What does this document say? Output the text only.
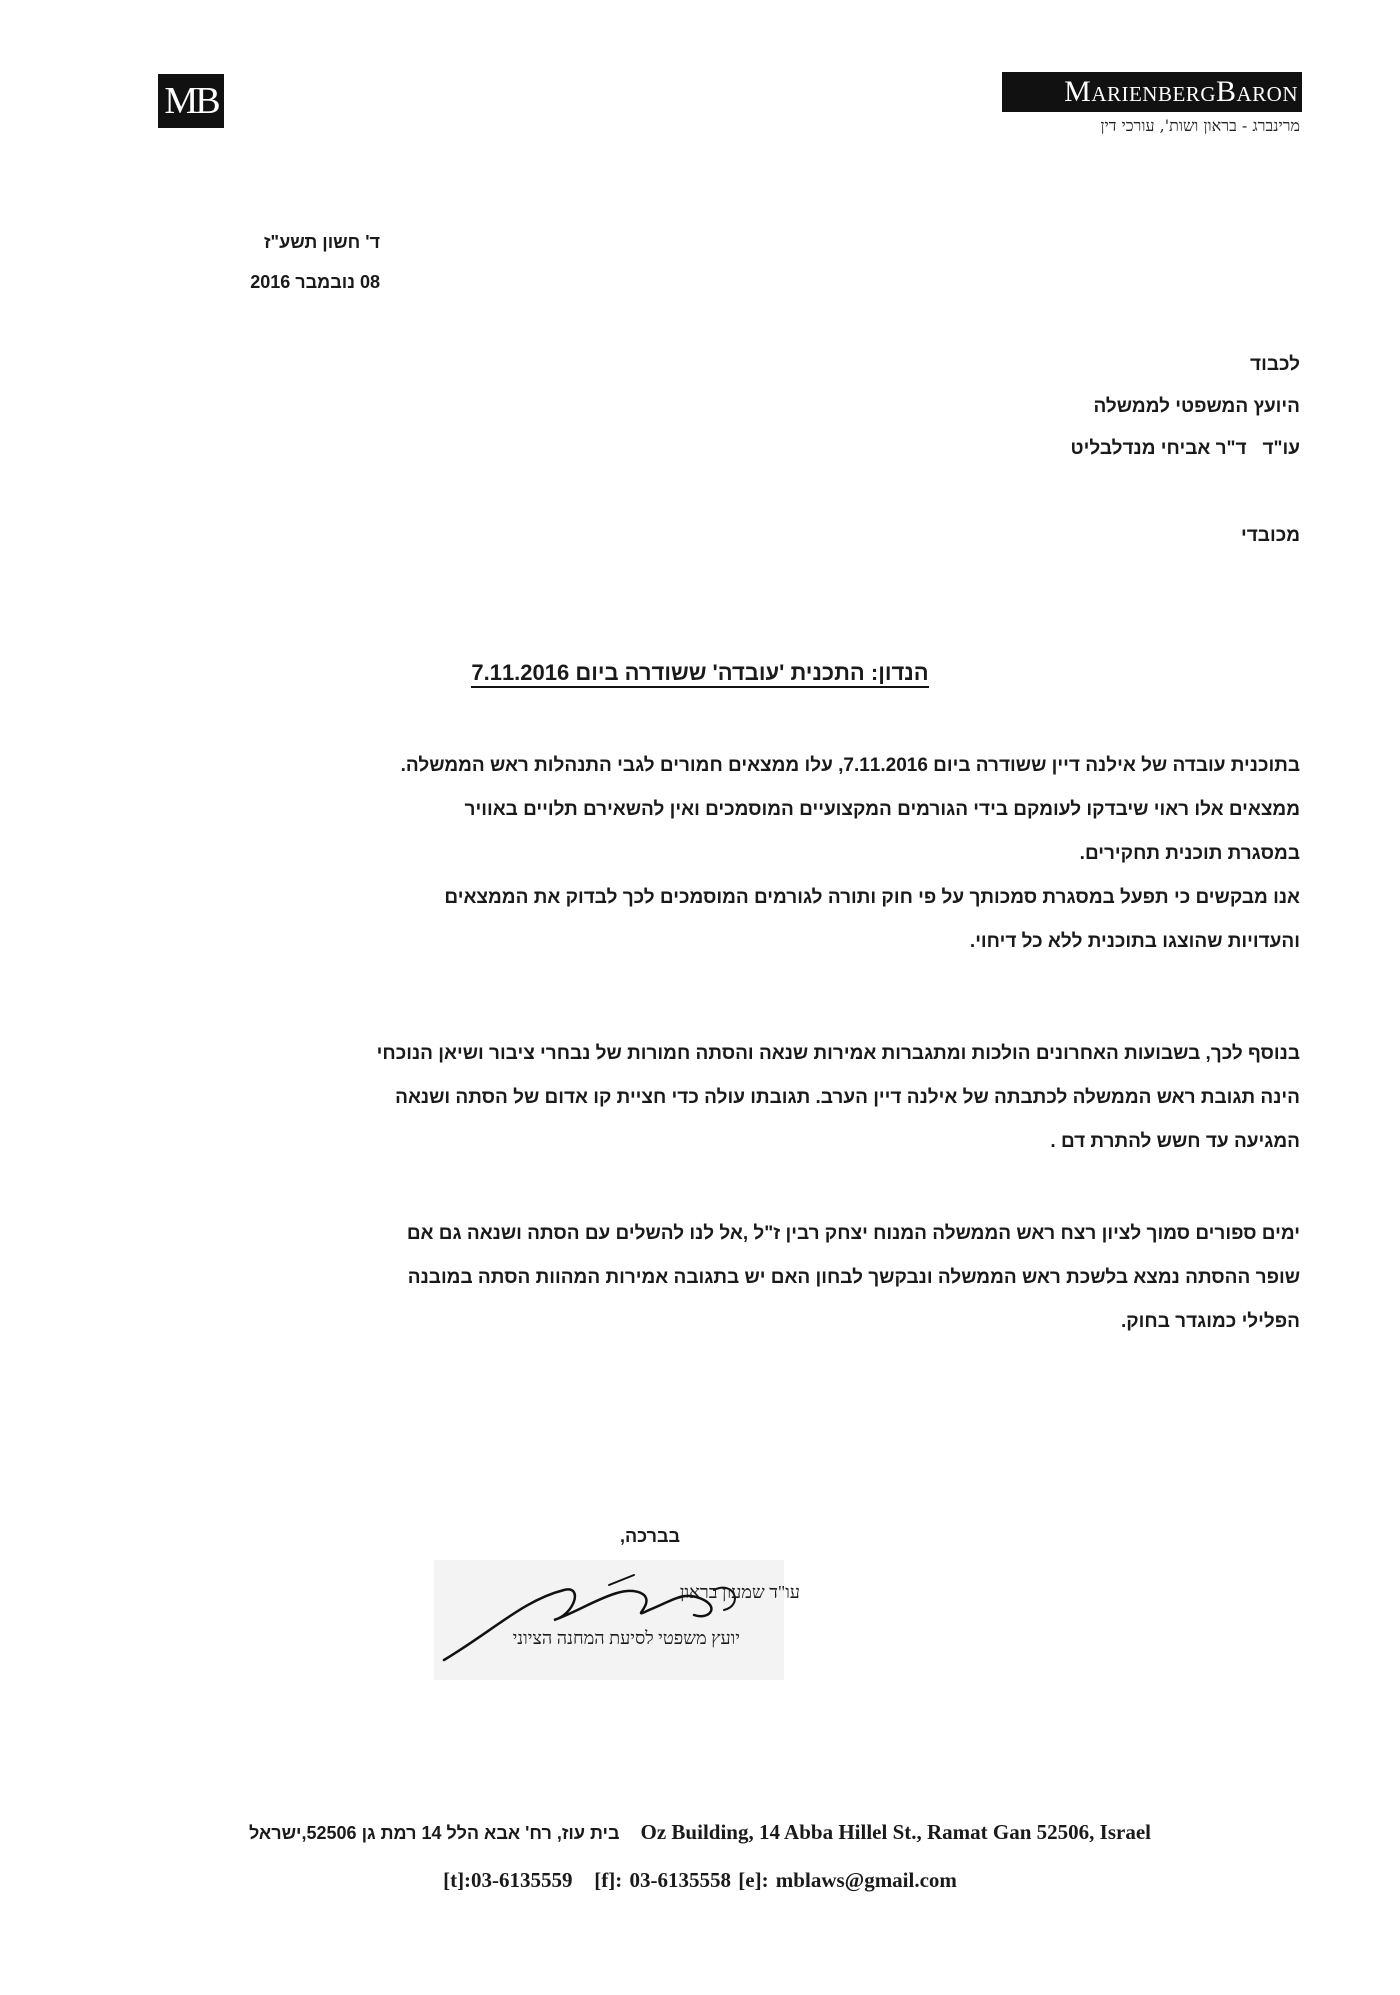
MB	MarienbergBaron
מרינברג - בראון ושות', עורכי דין
ד' חשון תשע"ז
08 נובמבר 2016
לכבוד
היועץ המשפטי לממשלה
עו"ד   ד"ר אביחי מנדלבליט
מכובדי
הנדון: התכנית 'עובדה' ששודרה ביום 7.11.2016
בתוכנית עובדה של אילנה דיין ששודרה ביום 7.11.2016, עלו ממצאים חמורים לגבי התנהלות ראש הממשלה.
ממצאים אלו ראוי שיבדקו לעומקם בידי הגורמים המקצועיים המוסמכים ואין להשאירם תלויים באוויר
במסגרת תוכנית תחקירים.
אנו מבקשים כי תפעל במסגרת סמכותך על פי חוק ותורה לגורמים המוסמכים לכך לבדוק את הממצאים
והעדויות שהוצגו בתוכנית ללא כל דיחוי.
בנוסף לכך, בשבועות האחרונים הולכות ומתגברות אמירות שנאה והסתה חמורות של נבחרי ציבור ושיאן הנוכחי
הינה תגובת ראש הממשלה לכתבתה של אילנה דיין הערב. תגובתו עולה כדי חציית קו אדום של הסתה ושנאה
המגיעה עד חשש להתרת דם .
ימים ספורים סמוך לציון רצח ראש הממשלה המנוח יצחק רבין ז"ל ,אל לנו להשלים עם הסתה ושנאה גם אם
שופר ההסתה נמצא בלשכת ראש הממשלה ונבקשך לבחון האם יש בתגובה אמירות המהוות הסתה במובנה
הפלילי כמוגדר בחוק.
בברכה,
עו"ד שמעון בראון
יועץ משפטי לסיעת המחנה הציוני
בית עוז, רח' אבא הלל 14 רמת גן 52506,ישראל Oz Building, 14 Abba Hillel St., Ramat Gan 52506, Israel
[t]:03-6135559   [f]: 03-6135558 [e]: mblaws@gmail.com
